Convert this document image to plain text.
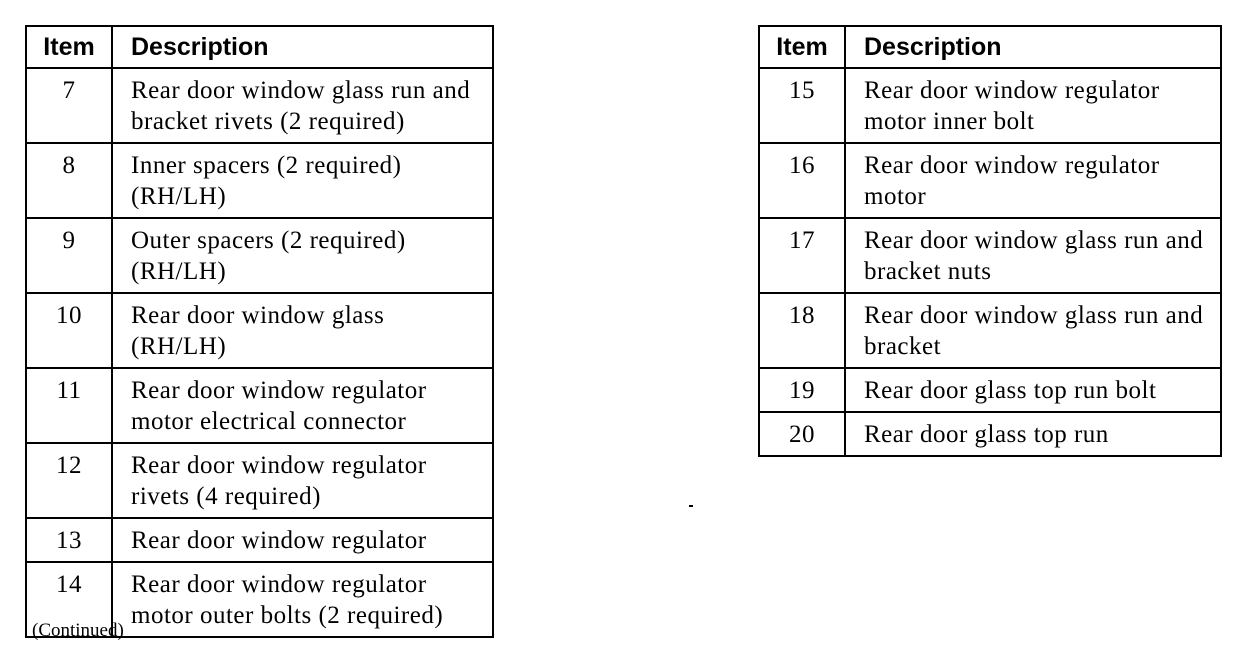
Item	Description
7	Rear door window glass run and bracket rivets (2 required)
8	Inner spacers (2 required) (RH/LH)
9	Outer spacers (2 required) (RH/LH)
10	Rear door window glass (RH/LH)
11	Rear door window regulator motor electrical connector
12	Rear door window regulator rivets (4 required)
13	Rear door window regulator
14	Rear door window regulator motor outer bolts (2 required)
Item	Description
15	Rear door window regulator motor inner bolt
16	Rear door window regulator motor
17	Rear door window glass run and bracket nuts
18	Rear door window glass run and bracket
19	Rear door glass top run bolt
20	Rear door glass top run
(Continued)
